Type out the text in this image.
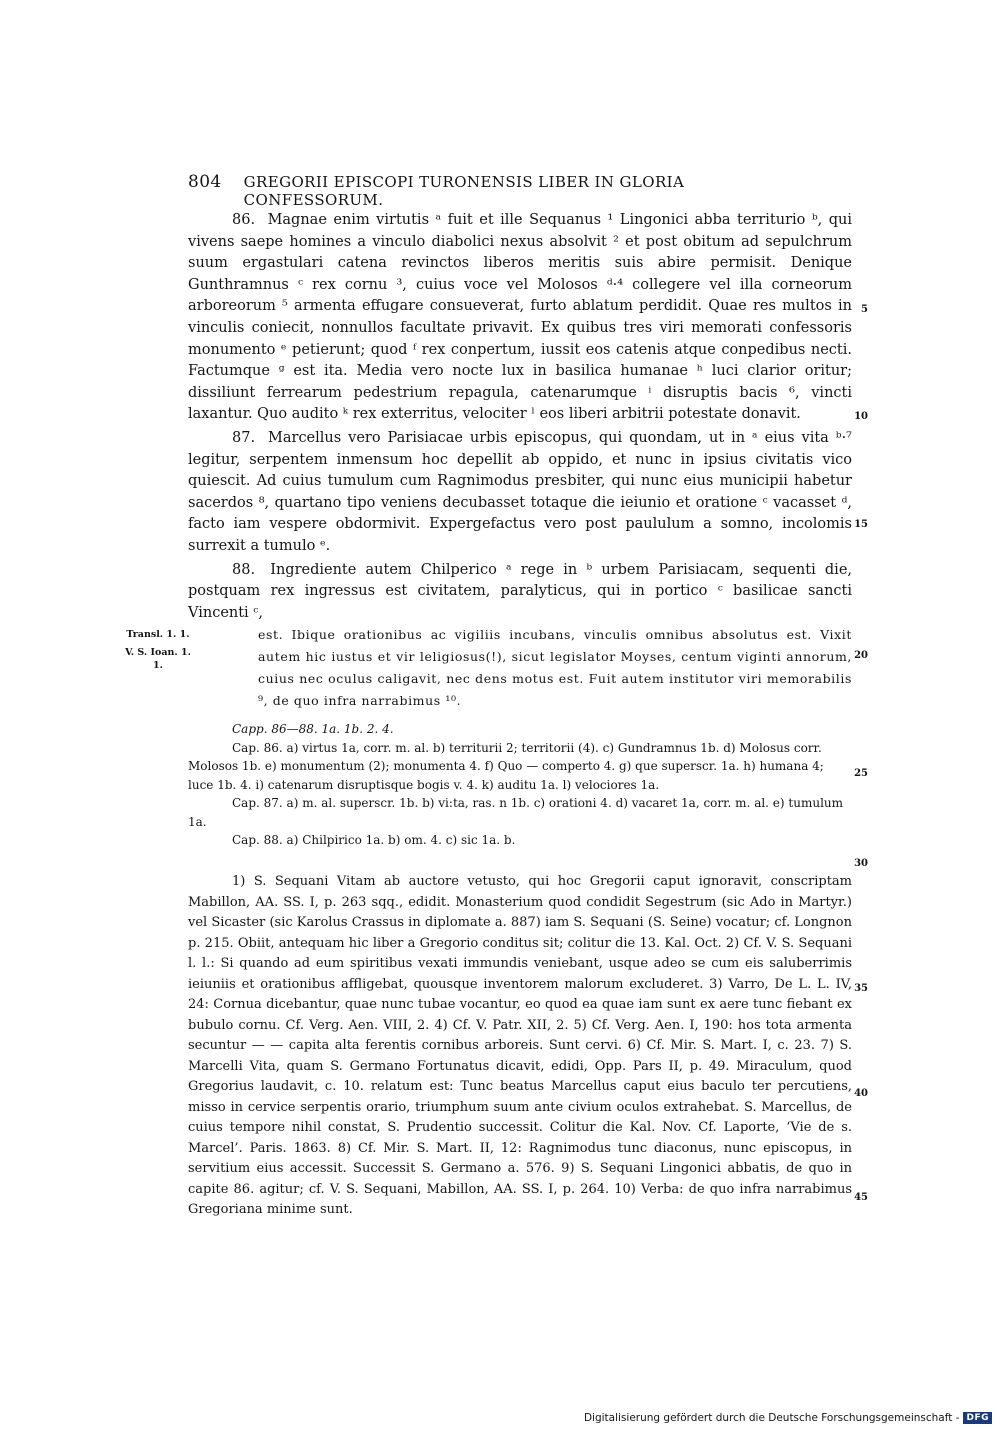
804 GREGORII EPISCOPI TURONENSIS LIBER IN GLORIA CONFESSORUM.

86. Magnae enim virtutis ᵃ fuit et ille Sequanus ¹ Lingonici abba territurio ᵇ, qui vivens saepe homines a vinculo diabolici nexus absolvit ² et post obitum ad sepulchrum suum ergastulari catena revinctos liberos meritis suis abire permisit. Denique Gunthramnus ᶜ rex cornu ³, cuius voce vel Molosos ᵈ·⁴ collegere vel illa corneorum arboreorum ⁵ armenta effugare consueverat, furto ablatum perdidit. Quae res multos in vinculis coniecit, nonnullos facultate privavit. Ex quibus tres viri memorati confessoris monumento ᵉ petierunt; quod ᶠ rex conpertum, iussit eos catenis atque conpedibus necti. Factumque ᵍ est ita. Media vero nocte lux in basilica humanae ʰ luci clarior oritur; dissiliunt ferrearum pedestrium repagula, catenarumque ⁱ disruptis bacis ⁶, vincti laxantur. Quo audito ᵏ rex exterritus, velociter ˡ eos liberi arbitrii potestate donavit.

87. Marcellus vero Parisiacae urbis episcopus, qui quondam, ut in ᵃ eius vita ᵇ·⁷ legitur, serpentem inmensum hoc depellit ab oppido, et nunc in ipsius civitatis vico quiescit. Ad cuius tumulum cum Ragnimodus presbiter, qui nunc eius municipii habetur sacerdos ⁸, quartano tipo veniens decubasset totaque die ieiunio et oratione ᶜ vacasset ᵈ, facto iam vespere obdormivit. Expergefactus vero post paululum a somno, incolomis surrexit a tumulo ᵉ.

88. Ingrediente autem Chilperico ᵃ rege in ᵇ urbem Parisiacam, sequenti die, postquam rex ingressus est civitatem, paralyticus, qui in portico ᶜ basilicae sancti Vincenti ᶜ,

5
10
15
20
25
30
35
40
45
Transl. 1. 1.
V. S. Ioan. 1. 1.
est. Ibique orationibus ac vigiliis incubans, vinculis omnibus absolutus est. Vixit autem hic iustus et vir leligiosus(!), sicut legislator Moyses, centum viginti annorum, cuius nec oculus caligavit, nec dens motus est. Fuit autem institutor viri memorabilis ⁹, de quo infra narrabimus ¹⁰.

Capp. 86—88. 1a. 1b. 2. 4.

Cap. 86. a) virtus 1a, corr. m. al. b) territurii 2; territorii (4). c) Gundramnus 1b. d) Molosus corr. Molosos 1b. e) monumentum (2); monumenta 4. f) Quo — comperto 4. g) que superscr. 1a. h) humana 4; luce 1b. 4. i) catenarum disruptisque bogis v. 4. k) auditu 1a. l) velociores 1a.

Cap. 87. a) m. al. superscr. 1b. b) vi:ta, ras. n 1b. c) orationi 4. d) vacaret 1a, corr. m. al. e) tumulum 1a.

Cap. 88. a) Chilpirico 1a. b) om. 4. c) sic 1a. b.

1) S. Sequani Vitam ab auctore vetusto, qui hoc Gregorii caput ignoravit, conscriptam Mabillon, AA. SS. I, p. 263 sqq., edidit. Monasterium quod condidit Segestrum (sic Ado in Martyr.) vel Sicaster (sic Karolus Crassus in diplomate a. 887) iam S. Sequani (S. Seine) vocatur; cf. Longnon p. 215. Obiit, antequam hic liber a Gregorio conditus sit; colitur die 13. Kal. Oct. 2) Cf. V. S. Sequani l. l.: Si quando ad eum spiritibus vexati immundis veniebant, usque adeo se cum eis saluberrimis ieiuniis et orationibus affligebat, quousque inventorem malorum excluderet. 3) Varro, De L. L. IV, 24: Cornua dicebantur, quae nunc tubae vocantur, eo quod ea quae iam sunt ex aere tunc fiebant ex bubulo cornu. Cf. Verg. Aen. VIII, 2. 4) Cf. V. Patr. XII, 2. 5) Cf. Verg. Aen. I, 190: hos tota armenta secuntur — — capita alta ferentis cornibus arboreis. Sunt cervi. 6) Cf. Mir. S. Mart. I, c. 23. 7) S. Marcelli Vita, quam S. Germano Fortunatus dicavit, edidi, Opp. Pars II, p. 49. Miraculum, quod Gregorius laudavit, c. 10. relatum est: Tunc beatus Marcellus caput eius baculo ter percutiens, misso in cervice serpentis orario, triumphum suum ante civium oculos extrahebat. S. Marcellus, de cuius tempore nihil constat, S. Prudentio successit. Colitur die Kal. Nov. Cf. Laporte, ‘Vie de s. Marcel’. Paris. 1863. 8) Cf. Mir. S. Mart. II, 12: Ragnimodus tunc diaconus, nunc episcopus, in servitium eius accessit. Successit S. Germano a. 576. 9) S. Sequani Lingonici abbatis, de quo in capite 86. agitur; cf. V. S. Sequani, Mabillon, AA. SS. I, p. 264. 10) Verba: de quo infra narrabimus Gregoriana minime sunt.

Digitalisierung gefördert durch die Deutsche Forschungsgemeinschaft - DFG
